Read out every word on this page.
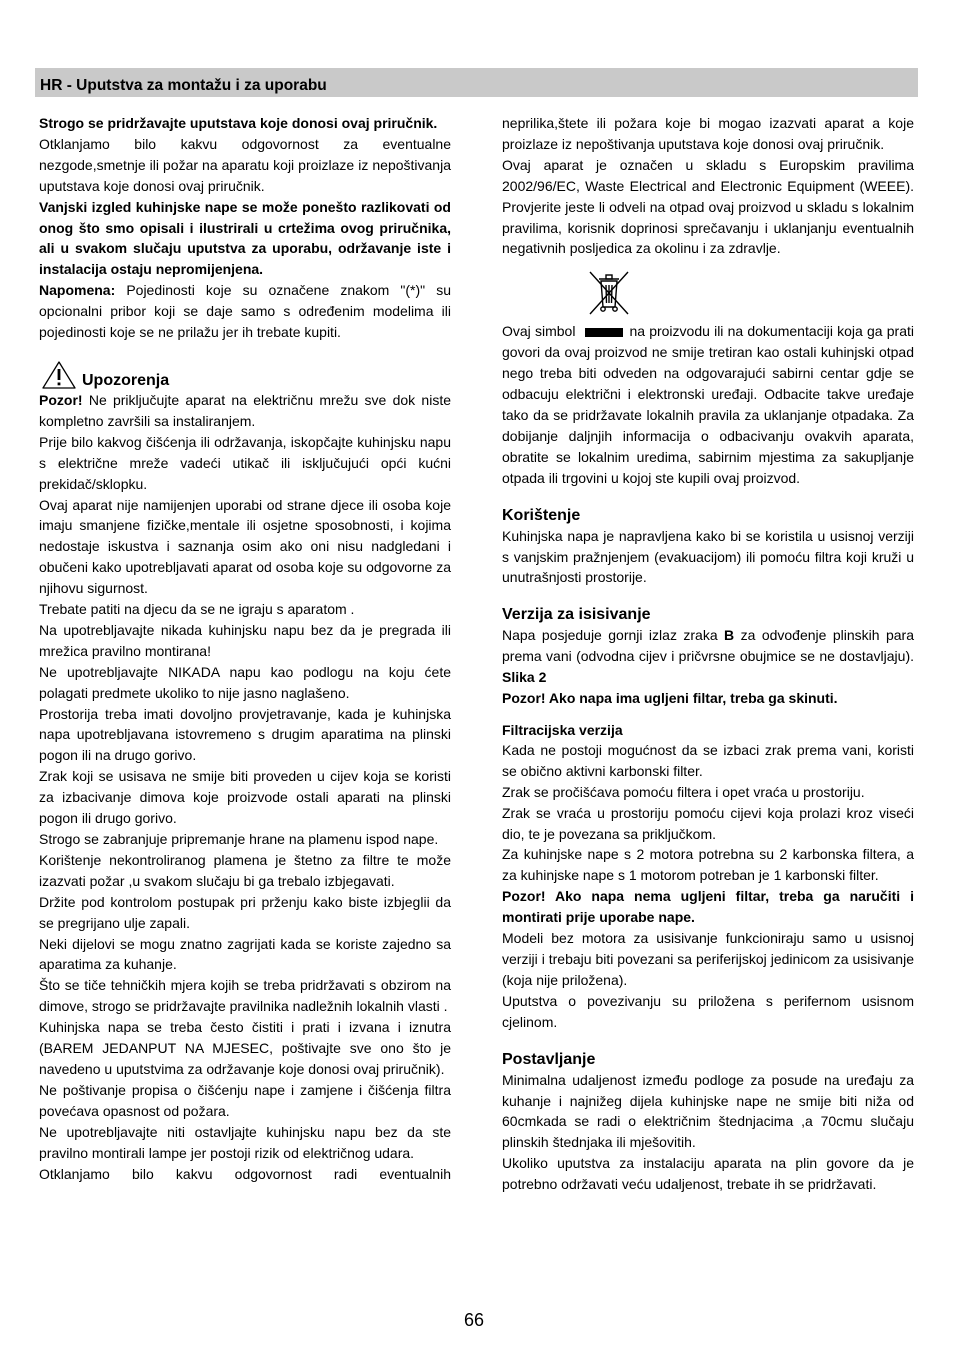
HR - Uputstva za montažu i za uporabu

Strogo se pridržavajte uputstava koje donosi ovaj priručnik.

Otklanjamo bilo kakvu odgovornost za eventualne nezgode,smetnje ili požar na aparatu koji proizlaze iz nepoštivanja uputstava koje donosi ovaj priručnik.

Vanjski izgled kuhinjske nape se može ponešto razlikovati od onog što smo opisali i ilustrirali u crtežima ovog priručnika, ali u svakom slučaju uputstva za uporabu, održavanje iste i instalacija ostaju nepromijenjena.

Napomena: Pojedinosti koje su označene znakom "(*)" su opcionalni pribor koji se daje samo s određenim modelima ili pojedinosti koje se ne prilažu jer ih trebate kupiti.

Upozorenja

Pozor! Ne priključujte aparat na električnu mrežu sve dok niste kompletno završili sa instaliranjem.

Prije bilo kakvog čišćenja ili održavanja, iskopčajte kuhinjsku napu s električne mreže vadeći utikač ili isključujući opći kućni prekidač/sklopku.

Ovaj aparat nije namijenjen uporabi od strane djece ili osoba koje imaju smanjene fizičke,mentale ili osjetne sposobnosti, i kojima nedostaje iskustva i saznanja osim ako oni nisu nadgledani i obučeni kako upotrebljavati aparat od osoba koje su odgovorne za njihovu sigurnost.

Trebate patiti na djecu da se ne igraju s aparatom .

Na upotrebljavajte nikada kuhinjsku napu bez da je pregrada ili mrežica pravilno montirana!

Ne upotrebljavajte NIKADA napu kao podlogu na koju ćete polagati predmete ukoliko to nije jasno naglašeno.

Prostorija treba imati dovoljno provjetravanje, kada je kuhinjska napa upotrebljavana istovremeno s drugim aparatima na plinski pogon ili na drugo gorivo.

Zrak koji se usisava ne smije biti proveden u cijev koja se koristi za izbacivanje dimova koje proizvode ostali aparati na plinski pogon ili drugo gorivo.

Strogo se zabranjuje pripremanje hrane na plamenu ispod nape.

Korištenje nekontroliranog plamena je štetno za filtre te može izazvati požar ,u svakom slučaju bi ga trebalo izbjegavati.

Držite pod kontrolom postupak pri prženju kako biste izbjeglii da se pregrijano ulje zapali.

Neki dijelovi se mogu znatno zagrijati kada se koriste zajedno sa aparatima za kuhanje.

Što se tiče tehničkih mjera kojih se treba pridržavati s obzirom na dimove, strogo se pridržavajte pravilnika nadležnih lokalnih vlasti .

Kuhinjska napa se treba često čistiti i prati i izvana i iznutra (BAREM JEDANPUT NA MJESEC, poštivajte sve ono što je navedeno u uputstvima za održavanje koje donosi ovaj priručnik).

Ne poštivanje propisa o čišćenju nape i zamjene i čišćenja filtra povećava opasnost od požara.

Ne upotrebljavajte niti ostavljajte kuhinjsku napu bez da ste pravilno montirali lampe jer postoji rizik od električnog udara.

Otklanjamo bilo kakvu odgovornost radi eventualnih

neprilika,štete ili požara koje bi mogao izazvati aparat a koje proizlaze iz nepoštivanja uputstava koje donosi ovaj priručnik.

Ovaj aparat je označen u skladu s Europskim pravilima 2002/96/EC, Waste Electrical and Electronic Equipment (WEEE). Provjerite jeste li odveli na otpad ovaj proizvod u skladu s lokalnim pravilima, korisnik doprinosi sprečavanju i uklanjanju eventualnih negativnih posljedica za okolinu i za zdravlje.

Ovaj simbol	na proizvodu ili na dokumentaciji koja ga prati govori da ovaj proizvod ne smije tretiran kao ostali kuhinjski otpad nego treba biti odveden na odgovarajući sabirni centar gdje se odbacuju električni i elektronski uređaji. Odbacite takve uređaje tako da se pridržavate lokalnih pravila za uklanjanje otpadaka. Za dobijanje daljnjih informacija o odbacivanju ovakvih aparata, obratite se lokalnim uredima, sabirnim mjestima za sakupljanje otpada ili trgovini u kojoj ste kupili ovaj proizvod.

Korištenje

Kuhinjska napa je napravljena kako bi se koristila u usisnoj verziji s vanjskim pražnjenjem (evakuacijom) ili pomoću filtra koji kruži u unutrašnjosti prostorije.

Verzija za isisivanje

Napa posjeduje gornji izlaz zraka B za odvođenje plinskih para prema vani (odvodna cijev i pričvrsne obujmice se ne dostavljaju). Slika 2

Pozor! Ako napa ima ugljeni filtar, treba ga skinuti.

Filtracijska verzija

Kada ne postoji mogućnost da se izbaci zrak prema vani, koristi se obično aktivni karbonski filter.

Zrak se pročišćava pomoću filtera i opet vraća u prostoriju.

Zrak se vraća u prostoriju pomoću cijevi koja prolazi kroz viseći dio, te je povezana sa priključkom.

Za kuhinjske nape s 2 motora potrebna su 2 karbonska filtera, a za kuhinjske nape s 1 motorom potreban je 1 karbonski filter.

Pozor! Ako napa nema ugljeni filtar, treba ga naručiti i montirati prije uporabe nape.

Modeli bez motora za usisivanje funkcioniraju samo u usisnoj verziji i trebaju biti povezani sa periferijskoj jedinicom za usisivanje (koja nije priložena).

Uputstva o povezivanju su priložena s perifernom usisnom cjelinom.

Postavljanje

Minimalna udaljenost između podloge za posude na uređaju za kuhanje i najnižeg dijela kuhinjske nape ne smije biti niža od 60cmkada se radi o električnim štednjacima ,a 70cmu slučaju plinskih štednjaka ili mješovitih.

Ukoliko uputstva za instalaciju aparata na plin govore da je potrebno održavati veću udaljenost, trebate ih se pridržavati.

66
